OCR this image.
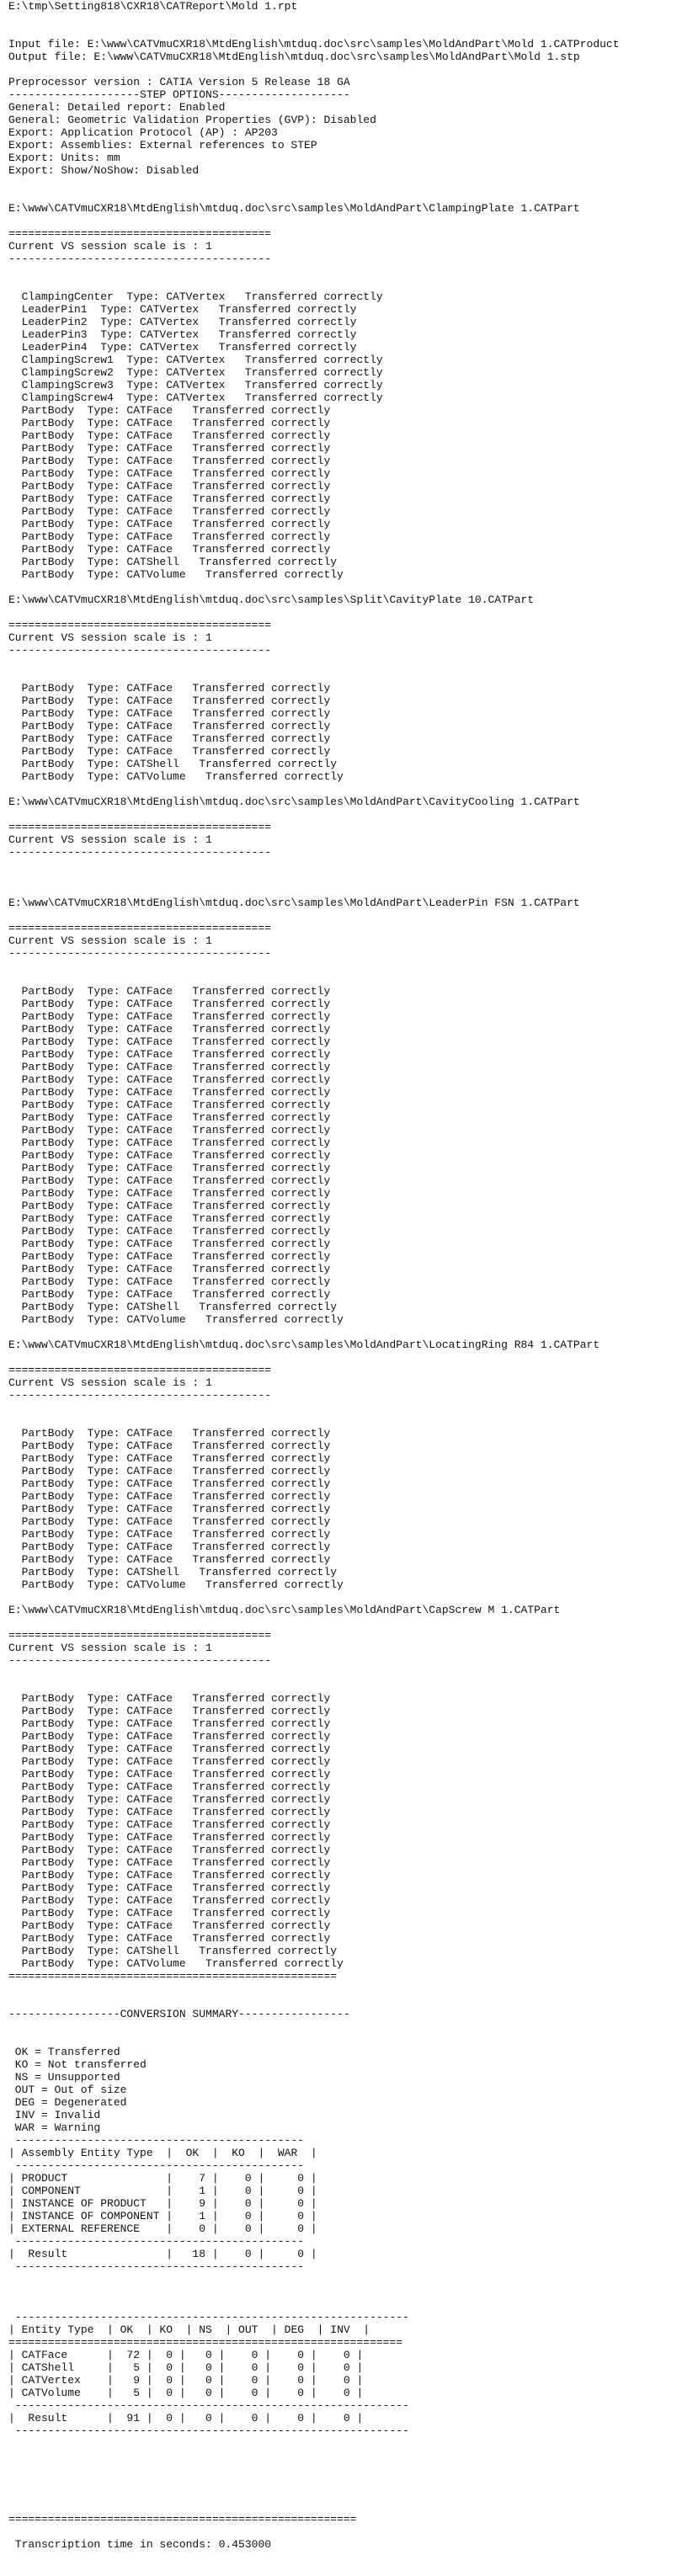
E:\tmp\Setting818\CXR18\CATReport\Mold 1.rpt
Input file: E:\www\CATVmuCXR18\MtdEnglish\mtduq.doc\src\samples\MoldAndPart\Mold 1.CATProduct
Output file: E:\www\CATVmuCXR18\MtdEnglish\mtduq.doc\src\samples\MoldAndPart\Mold 1.stp
Preprocessor version : CATIA Version 5 Release 18 GA
--------------------STEP OPTIONS--------------------
General: Detailed report: Enabled
General: Geometric Validation Properties (GVP): Disabled
Export: Application Protocol (AP) : AP203
Export: Assemblies: External references to STEP
Export: Units: mm
Export: Show/NoShow: Disabled
E:\www\CATVmuCXR18\MtdEnglish\mtduq.doc\src\samples\MoldAndPart\ClampingPlate 1.CATPart
========================================
Current VS session scale is : 1
----------------------------------------
ClampingCenter  Type: CATVertex   Transferred correctly
LeaderPin1  Type: CATVertex   Transferred correctly
LeaderPin2  Type: CATVertex   Transferred correctly
LeaderPin3  Type: CATVertex   Transferred correctly
LeaderPin4  Type: CATVertex   Transferred correctly
ClampingScrew1  Type: CATVertex   Transferred correctly
ClampingScrew2  Type: CATVertex   Transferred correctly
ClampingScrew3  Type: CATVertex   Transferred correctly
ClampingScrew4  Type: CATVertex   Transferred correctly
PartBody  Type: CATFace   Transferred correctly
PartBody  Type: CATFace   Transferred correctly
PartBody  Type: CATFace   Transferred correctly
PartBody  Type: CATFace   Transferred correctly
PartBody  Type: CATFace   Transferred correctly
PartBody  Type: CATFace   Transferred correctly
PartBody  Type: CATFace   Transferred correctly
PartBody  Type: CATFace   Transferred correctly
PartBody  Type: CATFace   Transferred correctly
PartBody  Type: CATFace   Transferred correctly
PartBody  Type: CATFace   Transferred correctly
PartBody  Type: CATFace   Transferred correctly
PartBody  Type: CATShell   Transferred correctly
PartBody  Type: CATVolume   Transferred correctly
E:\www\CATVmuCXR18\MtdEnglish\mtduq.doc\src\samples\Split\CavityPlate 10.CATPart
========================================
Current VS session scale is : 1
----------------------------------------
PartBody  Type: CATFace   Transferred correctly
PartBody  Type: CATFace   Transferred correctly
PartBody  Type: CATFace   Transferred correctly
PartBody  Type: CATFace   Transferred correctly
PartBody  Type: CATFace   Transferred correctly
PartBody  Type: CATFace   Transferred correctly
PartBody  Type: CATShell   Transferred correctly
PartBody  Type: CATVolume   Transferred correctly
E:\www\CATVmuCXR18\MtdEnglish\mtduq.doc\src\samples\MoldAndPart\CavityCooling 1.CATPart
========================================
Current VS session scale is : 1
----------------------------------------
E:\www\CATVmuCXR18\MtdEnglish\mtduq.doc\src\samples\MoldAndPart\LeaderPin FSN 1.CATPart
========================================
Current VS session scale is : 1
----------------------------------------
PartBody  Type: CATFace   Transferred correctly
PartBody  Type: CATFace   Transferred correctly
PartBody  Type: CATFace   Transferred correctly
PartBody  Type: CATFace   Transferred correctly
PartBody  Type: CATFace   Transferred correctly
PartBody  Type: CATFace   Transferred correctly
PartBody  Type: CATFace   Transferred correctly
PartBody  Type: CATFace   Transferred correctly
PartBody  Type: CATFace   Transferred correctly
PartBody  Type: CATFace   Transferred correctly
PartBody  Type: CATFace   Transferred correctly
PartBody  Type: CATFace   Transferred correctly
PartBody  Type: CATFace   Transferred correctly
PartBody  Type: CATFace   Transferred correctly
PartBody  Type: CATFace   Transferred correctly
PartBody  Type: CATFace   Transferred correctly
PartBody  Type: CATFace   Transferred correctly
PartBody  Type: CATFace   Transferred correctly
PartBody  Type: CATFace   Transferred correctly
PartBody  Type: CATFace   Transferred correctly
PartBody  Type: CATFace   Transferred correctly
PartBody  Type: CATFace   Transferred correctly
PartBody  Type: CATFace   Transferred correctly
PartBody  Type: CATFace   Transferred correctly
PartBody  Type: CATFace   Transferred correctly
PartBody  Type: CATShell   Transferred correctly
PartBody  Type: CATVolume   Transferred correctly
E:\www\CATVmuCXR18\MtdEnglish\mtduq.doc\src\samples\MoldAndPart\LocatingRing R84 1.CATPart
========================================
Current VS session scale is : 1
----------------------------------------
PartBody  Type: CATFace   Transferred correctly
PartBody  Type: CATFace   Transferred correctly
PartBody  Type: CATFace   Transferred correctly
PartBody  Type: CATFace   Transferred correctly
PartBody  Type: CATFace   Transferred correctly
PartBody  Type: CATFace   Transferred correctly
PartBody  Type: CATFace   Transferred correctly
PartBody  Type: CATFace   Transferred correctly
PartBody  Type: CATFace   Transferred correctly
PartBody  Type: CATFace   Transferred correctly
PartBody  Type: CATFace   Transferred correctly
PartBody  Type: CATShell   Transferred correctly
PartBody  Type: CATVolume   Transferred correctly
E:\www\CATVmuCXR18\MtdEnglish\mtduq.doc\src\samples\MoldAndPart\CapScrew M 1.CATPart
========================================
Current VS session scale is : 1
----------------------------------------
PartBody  Type: CATFace   Transferred correctly
PartBody  Type: CATFace   Transferred correctly
PartBody  Type: CATFace   Transferred correctly
PartBody  Type: CATFace   Transferred correctly
PartBody  Type: CATFace   Transferred correctly
PartBody  Type: CATFace   Transferred correctly
PartBody  Type: CATFace   Transferred correctly
PartBody  Type: CATFace   Transferred correctly
PartBody  Type: CATFace   Transferred correctly
PartBody  Type: CATFace   Transferred correctly
PartBody  Type: CATFace   Transferred correctly
PartBody  Type: CATFace   Transferred correctly
PartBody  Type: CATFace   Transferred correctly
PartBody  Type: CATFace   Transferred correctly
PartBody  Type: CATFace   Transferred correctly
PartBody  Type: CATFace   Transferred correctly
PartBody  Type: CATFace   Transferred correctly
PartBody  Type: CATFace   Transferred correctly
PartBody  Type: CATFace   Transferred correctly
PartBody  Type: CATFace   Transferred correctly
PartBody  Type: CATShell   Transferred correctly
PartBody  Type: CATVolume   Transferred correctly
==================================================
-----------------CONVERSION SUMMARY-----------------
OK = Transferred
KO = Not transferred
NS = Unsupported
OUT = Out of size
DEG = Degenerated
INV = Invalid
WAR = Warning
--------------------------------------------
| Assembly Entity Type  |  OK  |  KO  |  WAR  |
--------------------------------------------
| PRODUCT               |    7 |    0 |     0 |
| COMPONENT             |    1 |    0 |     0 |
| INSTANCE OF PRODUCT   |    9 |    0 |     0 |
| INSTANCE OF COMPONENT |    1 |    0 |     0 |
| EXTERNAL REFERENCE    |    0 |    0 |     0 |
--------------------------------------------
|  Result               |   18 |    0 |     0 |
--------------------------------------------
------------------------------------------------------------
| Entity Type  | OK  | KO  | NS  | OUT  | DEG  | INV  |
============================================================
| CATFace      |  72 |  0 |   0 |    0 |    0 |    0 |
| CATShell     |   5 |  0 |   0 |    0 |    0 |    0 |
| CATVertex    |   9 |  0 |   0 |    0 |    0 |    0 |
| CATVolume    |   5 |  0 |   0 |    0 |    0 |    0 |
------------------------------------------------------------
|  Result      |  91 |  0 |   0 |    0 |    0 |    0 |
------------------------------------------------------------
=====================================================
Transcription time in seconds: 0.453000
